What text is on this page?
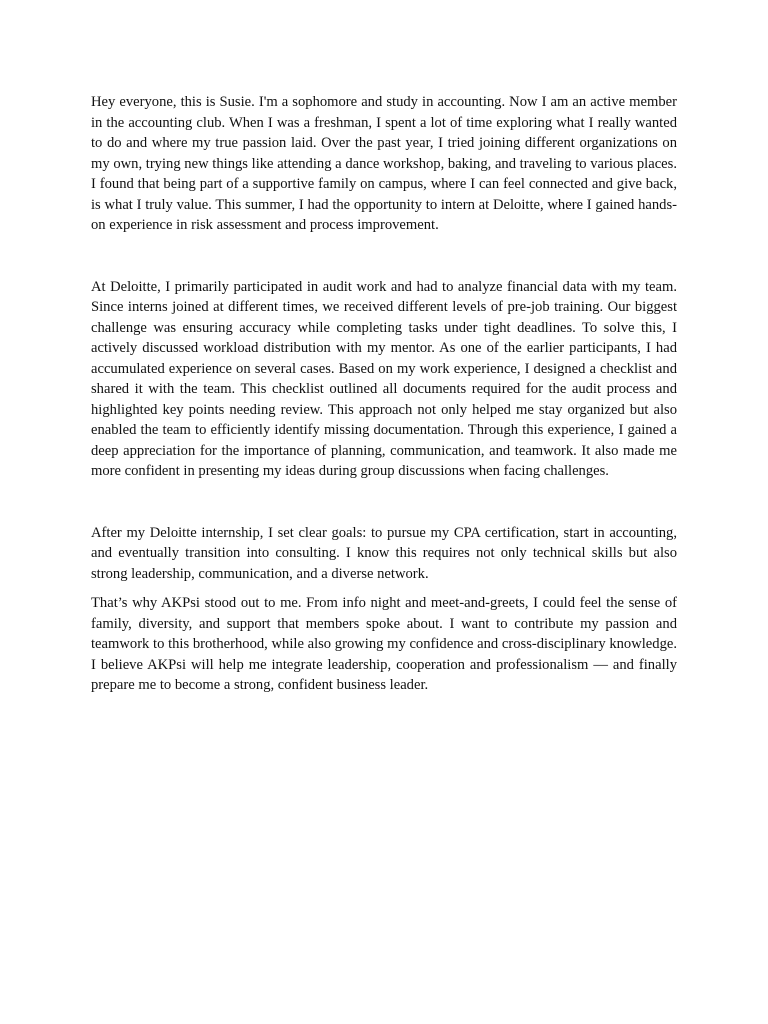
Hey everyone, this is Susie. I'm a sophomore and study in accounting. Now I am an active member in the accounting club. When I was a freshman, I spent a lot of time exploring what I really wanted to do and where my true passion laid. Over the past year, I tried joining different organizations on my own, trying new things like attending a dance workshop, baking, and traveling to various places. I found that being part of a supportive family on campus, where I can feel connected and give back, is what I truly value. This summer, I had the opportunity to intern at Deloitte, where I gained hands-on experience in risk assessment and process improvement.

At Deloitte, I primarily participated in audit work and had to analyze financial data with my team. Since interns joined at different times, we received different levels of pre-job training. Our biggest challenge was ensuring accuracy while completing tasks under tight deadlines. To solve this, I actively discussed workload distribution with my mentor. As one of the earlier participants, I had accumulated experience on several cases. Based on my work experience, I designed a checklist and shared it with the team. This checklist outlined all documents required for the audit process and highlighted key points needing review. This approach not only helped me stay organized but also enabled the team to efficiently identify missing documentation. Through this experience, I gained a deep appreciation for the importance of planning, communication, and teamwork. It also made me more confident in presenting my ideas during group discussions when facing challenges.

After my Deloitte internship, I set clear goals: to pursue my CPA certification, start in accounting, and eventually transition into consulting. I know this requires not only technical skills but also strong leadership, communication, and a diverse network.

That’s why AKPsi stood out to me. From info night and meet-and-greets, I could feel the sense of family, diversity, and support that members spoke about. I want to contribute my passion and teamwork to this brotherhood, while also growing my confidence and cross-disciplinary knowledge. I believe AKPsi will help me integrate leadership, cooperation and professionalism — and finally prepare me to become a strong, confident business leader.
